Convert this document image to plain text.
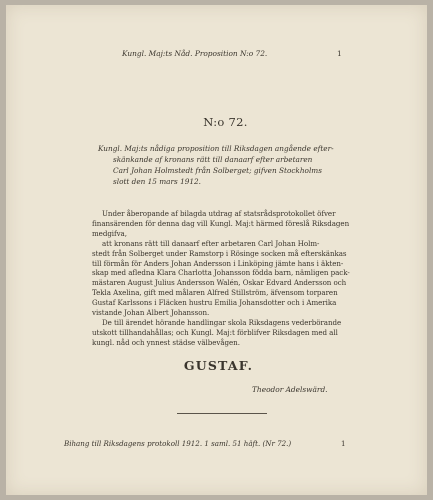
Kungl. Maj:ts Nåd. Proposition N:o 72.	1
N:o 72.
Kungl. Maj:ts nådiga proposition till Riksdagen angående efter-
skänkande af kronans rätt till danaarf efter arbetaren
Carl Johan Holmstedt från Solberget; gifven Stockholms
slott den 15 mars 1912.
Under åberopande af bilagda utdrag af statsrådsprotokollet öfver
finansärenden för denna dag vill Kungl. Maj:t härmed föreslå Riksdagen
medgifva,
att kronans rätt till danaarf efter arbetaren Carl Johan Holm-
stedt från Solberget under Ramstorp i Rösinge socken må efterskänkas
till förmån för Anders Johan Andersson i Linköping jämte hans i äkten-
skap med afledna Klara Charlotta Johansson födda barn, nämligen pack-
mästaren August Julius Andersson Walén, Oskar Edvard Andersson och
Tekla Axelina, gift med målaren Alfred Stillström, äfvensom torparen
Gustaf Karlssons i Fläcken hustru Emilia Johansdotter och i Amerika
vistande Johan Albert Johansson.
De till ärendet hörande handlingar skola Riksdagens vederbörande
utskott tillhandahållas; och Kungl. Maj:t förblifver Riksdagen med all
kungl. nåd och ynnest städse välbevågen.
GUSTAF.
Theodor Adelswärd.
Bihang till Riksdagens protokoll 1912. 1 saml. 51 häft. (Nr 72.)	1
